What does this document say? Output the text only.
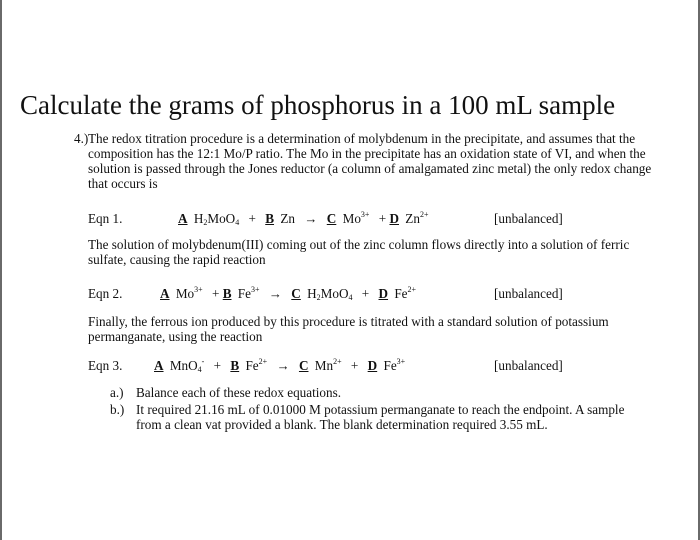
Calculate the grams of phosphorus in a 100 mL sample
4.) The redox titration procedure is a determination of molybdenum in the precipitate, and assumes that the composition has the 12:1 Mo/P ratio. The Mo in the precipitate has an oxidation state of VI, and when the solution is passed through the Jones reductor (a column of amalgamated zinc metal) the only redox change that occurs is
Eqn 1.	A $H_2MoO_4 + B$ Zn → C $Mo^{3+} + D$ $Zn^{2+}$	[unbalanced]
The solution of molybdenum(III) coming out of the zinc column flows directly into a solution of ferric sulfate, causing the rapid reaction
Eqn 2.	A $Mo^{3+} + B$ $Fe^{3+} \to C$ $H_2MoO_4 + D$ $Fe^{2+}$	[unbalanced]
Finally, the ferrous ion produced by this procedure is titrated with a standard solution of potassium permanganate, using the reaction
Eqn 3. A MnO$_4$- + B $Fe^{2+} \to C$ $Mn^{2+} + D$ $Fe^{3+}$	[unbalanced]
a.) Balance each of these redox equations.
b.) It required 21.16 mL of 0.01000 M potassium permanganate to reach the endpoint. A sample from a clean vat provided a blank. The blank determination required 3.55 mL.
